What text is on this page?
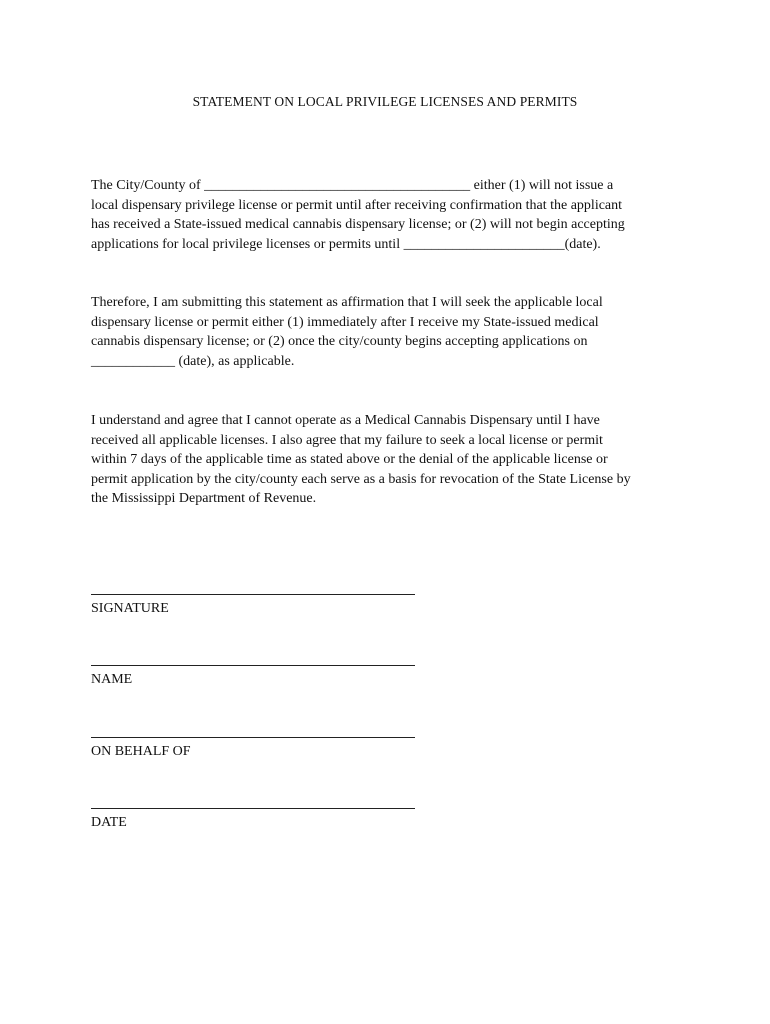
STATEMENT ON LOCAL PRIVILEGE LICENSES AND PERMITS
The City/County of ______________________________________ either (1) will not issue a
local dispensary privilege license or permit until after receiving confirmation that the applicant
has received a State-issued medical cannabis dispensary license; or (2) will not begin accepting
applications for local privilege licenses or permits until _______________________(date).
Therefore, I am submitting this statement as affirmation that I will seek the applicable local
dispensary license or permit either (1) immediately after I receive my State-issued medical
cannabis dispensary license; or (2) once the city/county begins accepting applications on
____________ (date), as applicable.
I understand and agree that I cannot operate as a Medical Cannabis Dispensary until I have
received all applicable licenses. I also agree that my failure to seek a local license or permit
within 7 days of the applicable time as stated above or the denial of the applicable license or
permit application by the city/county each serve as a basis for revocation of the State License by
the Mississippi Department of Revenue.
SIGNATURE
NAME
ON BEHALF OF
DATE
